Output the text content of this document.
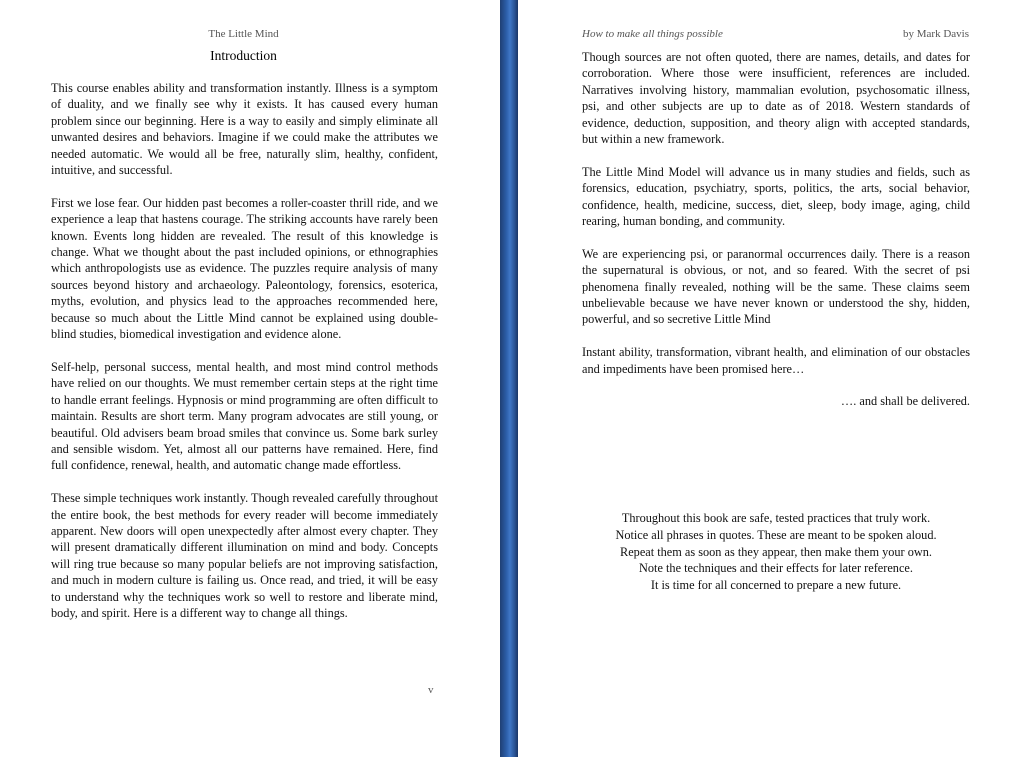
The Little Mind
Introduction

This course enables ability and transformation instantly. Illness is a symptom of duality, and we finally see why it exists. It has caused every human problem since our beginning. Here is a way to easily and simply eliminate all unwanted desires and behaviors. Imagine if we could make the attributes we needed automatic. We would all be free, naturally slim, healthy, confident, intuitive, and successful.

First we lose fear. Our hidden past becomes a roller-coaster thrill ride, and we experience a leap that hastens courage. The striking accounts have rarely been known. Events long hidden are revealed. The result of this knowledge is change. What we thought about the past included opinions, or ethnographies which anthropologists use as evidence. The puzzles require analysis of many sources beyond history and archaeology. Paleontology, forensics, esoterica, myths, evolution, and physics lead to the approaches recommended here, because so much about the Little Mind cannot be explained using double-blind studies, biomedical investigation and evidence alone.

Self-help, personal success, mental health, and most mind control methods have relied on our thoughts. We must remember certain steps at the right time to handle errant feelings. Hypnosis or mind programming are often difficult to maintain. Results are short term. Many program advocates are still young, or beautiful. Old advisers beam broad smiles that convince us. Some bark surley and sensible wisdom. Yet, almost all our patterns have remained. Here, find full confidence, renewal, health, and automatic change made effortless.

These simple techniques work instantly. Though revealed carefully throughout the entire book, the best methods for every reader will become immediately apparent. New doors will open unexpectedly after almost every chapter. They will present dramatically different illumination on mind and body. Concepts will ring true because so many popular beliefs are not improving satisfaction, and much in modern culture is failing us. Once read, and tried, it will be easy to understand why the techniques work so well to restore and liberate mind, body, and spirit. Here is a different way to change all things.

v
How to make all things possible	by Mark Davis

Though sources are not often quoted, there are names, details, and dates for corroboration. Where those were insufficient, references are included. Narratives involving history, mammalian evolution, psychosomatic illness, psi, and other subjects are up to date as of 2018. Western standards of evidence, deduction, supposition, and theory align with accepted standards, but within a new framework.

The Little Mind Model will advance us in many studies and fields, such as forensics, education, psychiatry, sports, politics, the arts, social behavior, confidence, health, medicine, success, diet, sleep, body image, aging, child rearing, human bonding, and community.

We are experiencing psi, or paranormal occurrences daily. There is a reason the supernatural is obvious, or not, and so feared. With the secret of psi phenomena finally revealed, nothing will be the same. These claims seem unbelievable because we have never known or understood the shy, hidden, powerful, and so secretive Little Mind

Instant ability, transformation, vibrant health, and elimination of our obstacles and impediments have been promised here…

…. and shall be delivered.

Throughout this book are safe, tested practices that truly work.
Notice all phrases in quotes. These are meant to be spoken aloud.
Repeat them as soon as they appear, then make them your own.
Note the techniques and their effects for later reference.
It is time for all concerned to prepare a new future.
